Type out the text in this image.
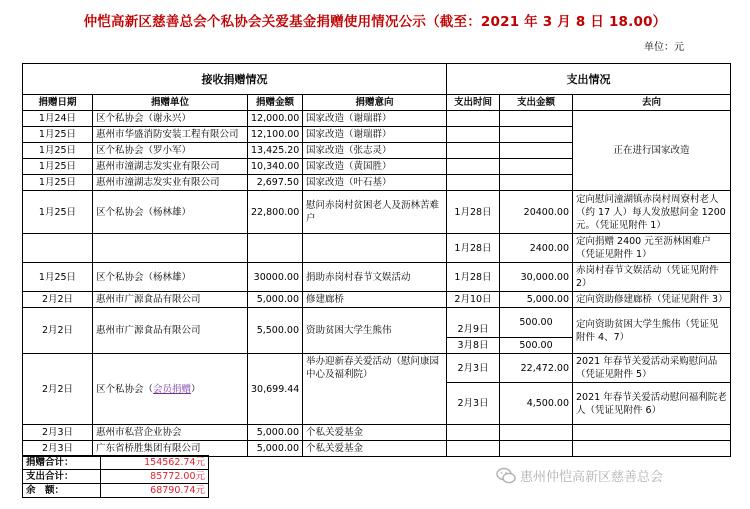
仲恺高新区慈善总会个私协会关爱基金捐赠使用情况公示（截至：2021 年 3 月 8 日 18.00）
单位：元
接收捐赠情况				支出情况		
捐赠日期	捐赠单位	捐赠金额	捐赠意向	支出时间	支出金额	去向
1月24日	区个私协会（谢永兴）	12,000.00	国家改造（谢瑞群）			正在进行国家改造
1月25日	惠州市华盛消防安装工程有限公司	12,100.00	国家改造（谢瑞群）			
1月25日	区个私协会（罗小军）	13,425.20	国家改造（张志灵）			
1月25日	惠州市潼湖志发实业有限公司	10,340.00	国家改造（黄国胜）			
1月25日	惠州市潼湖志发实业有限公司	2,697.50	国家改造（叶石基）			
1月25日	区个私协会（杨林雄）	22,800.00	慰问赤岗村贫困老人及沥林苦难户	1月28日	20400.00	定向慰问潼湖镇赤岗村周寮村老人（约 17 人）每人发放慰问金 1200 元。（凭证见附件 1）
				1月28日	2400.00	定向捐赠 2400 元至沥林困难户（凭证见附件 1）
1月25日	区个私协会（杨林雄）	30000.00	捐助赤岗村春节文娱活动	1月28日	30,000.00	赤岗村春节文娱活动（凭证见附件 2）
2月2日	惠州市广源食品有限公司	5,000.00	修建廊桥	2月10日	5,000.00	定向资助修建廊桥（凭证见附件 3）
2月2日	惠州市广源食品有限公司	5,500.00	资助贫困大学生熊伟	2月9日	500.00	定向资助贫困大学生熊伟（凭证见附件 4、7）
				3月8日	500.00	
2月2日	区个私协会（会员捐赠）	30,699.44	举办迎新春关爱活动（慰问康园中心及福利院）	2月3日	22,472.00	2021 年春节关爱活动采购慰问品（凭证见附件 5）
				2月3日	4,500.00	2021 年春节关爱活动慰问福利院老人（凭证见附件 6）
2月3日	惠州市私营企业协会	5,000.00	个私关爱基金			
2月3日	广东省桥胜集团有限公司	5,000.00	个私关爱基金			
捐赠合计：	154562.74元
支出合计：	85772.00元
余　额：	68790.74元
惠州仲恺高新区慈善总会
